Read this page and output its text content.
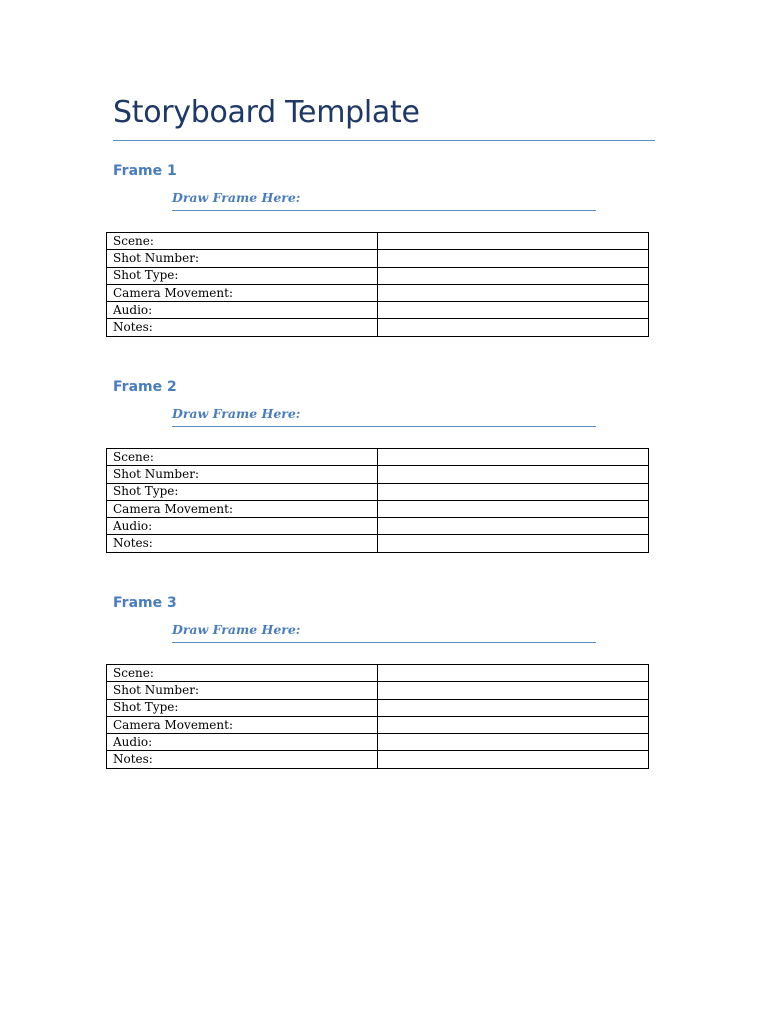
Storyboard Template
Frame 1
Draw Frame Here:
Scene:	
Shot Number:	
Shot Type:	
Camera Movement:	
Audio:	
Notes:	
Frame 2
Draw Frame Here:
Scene:	
Shot Number:	
Shot Type:	
Camera Movement:	
Audio:	
Notes:	
Frame 3
Draw Frame Here:
Scene:	
Shot Number:	
Shot Type:	
Camera Movement:	
Audio:	
Notes:	
